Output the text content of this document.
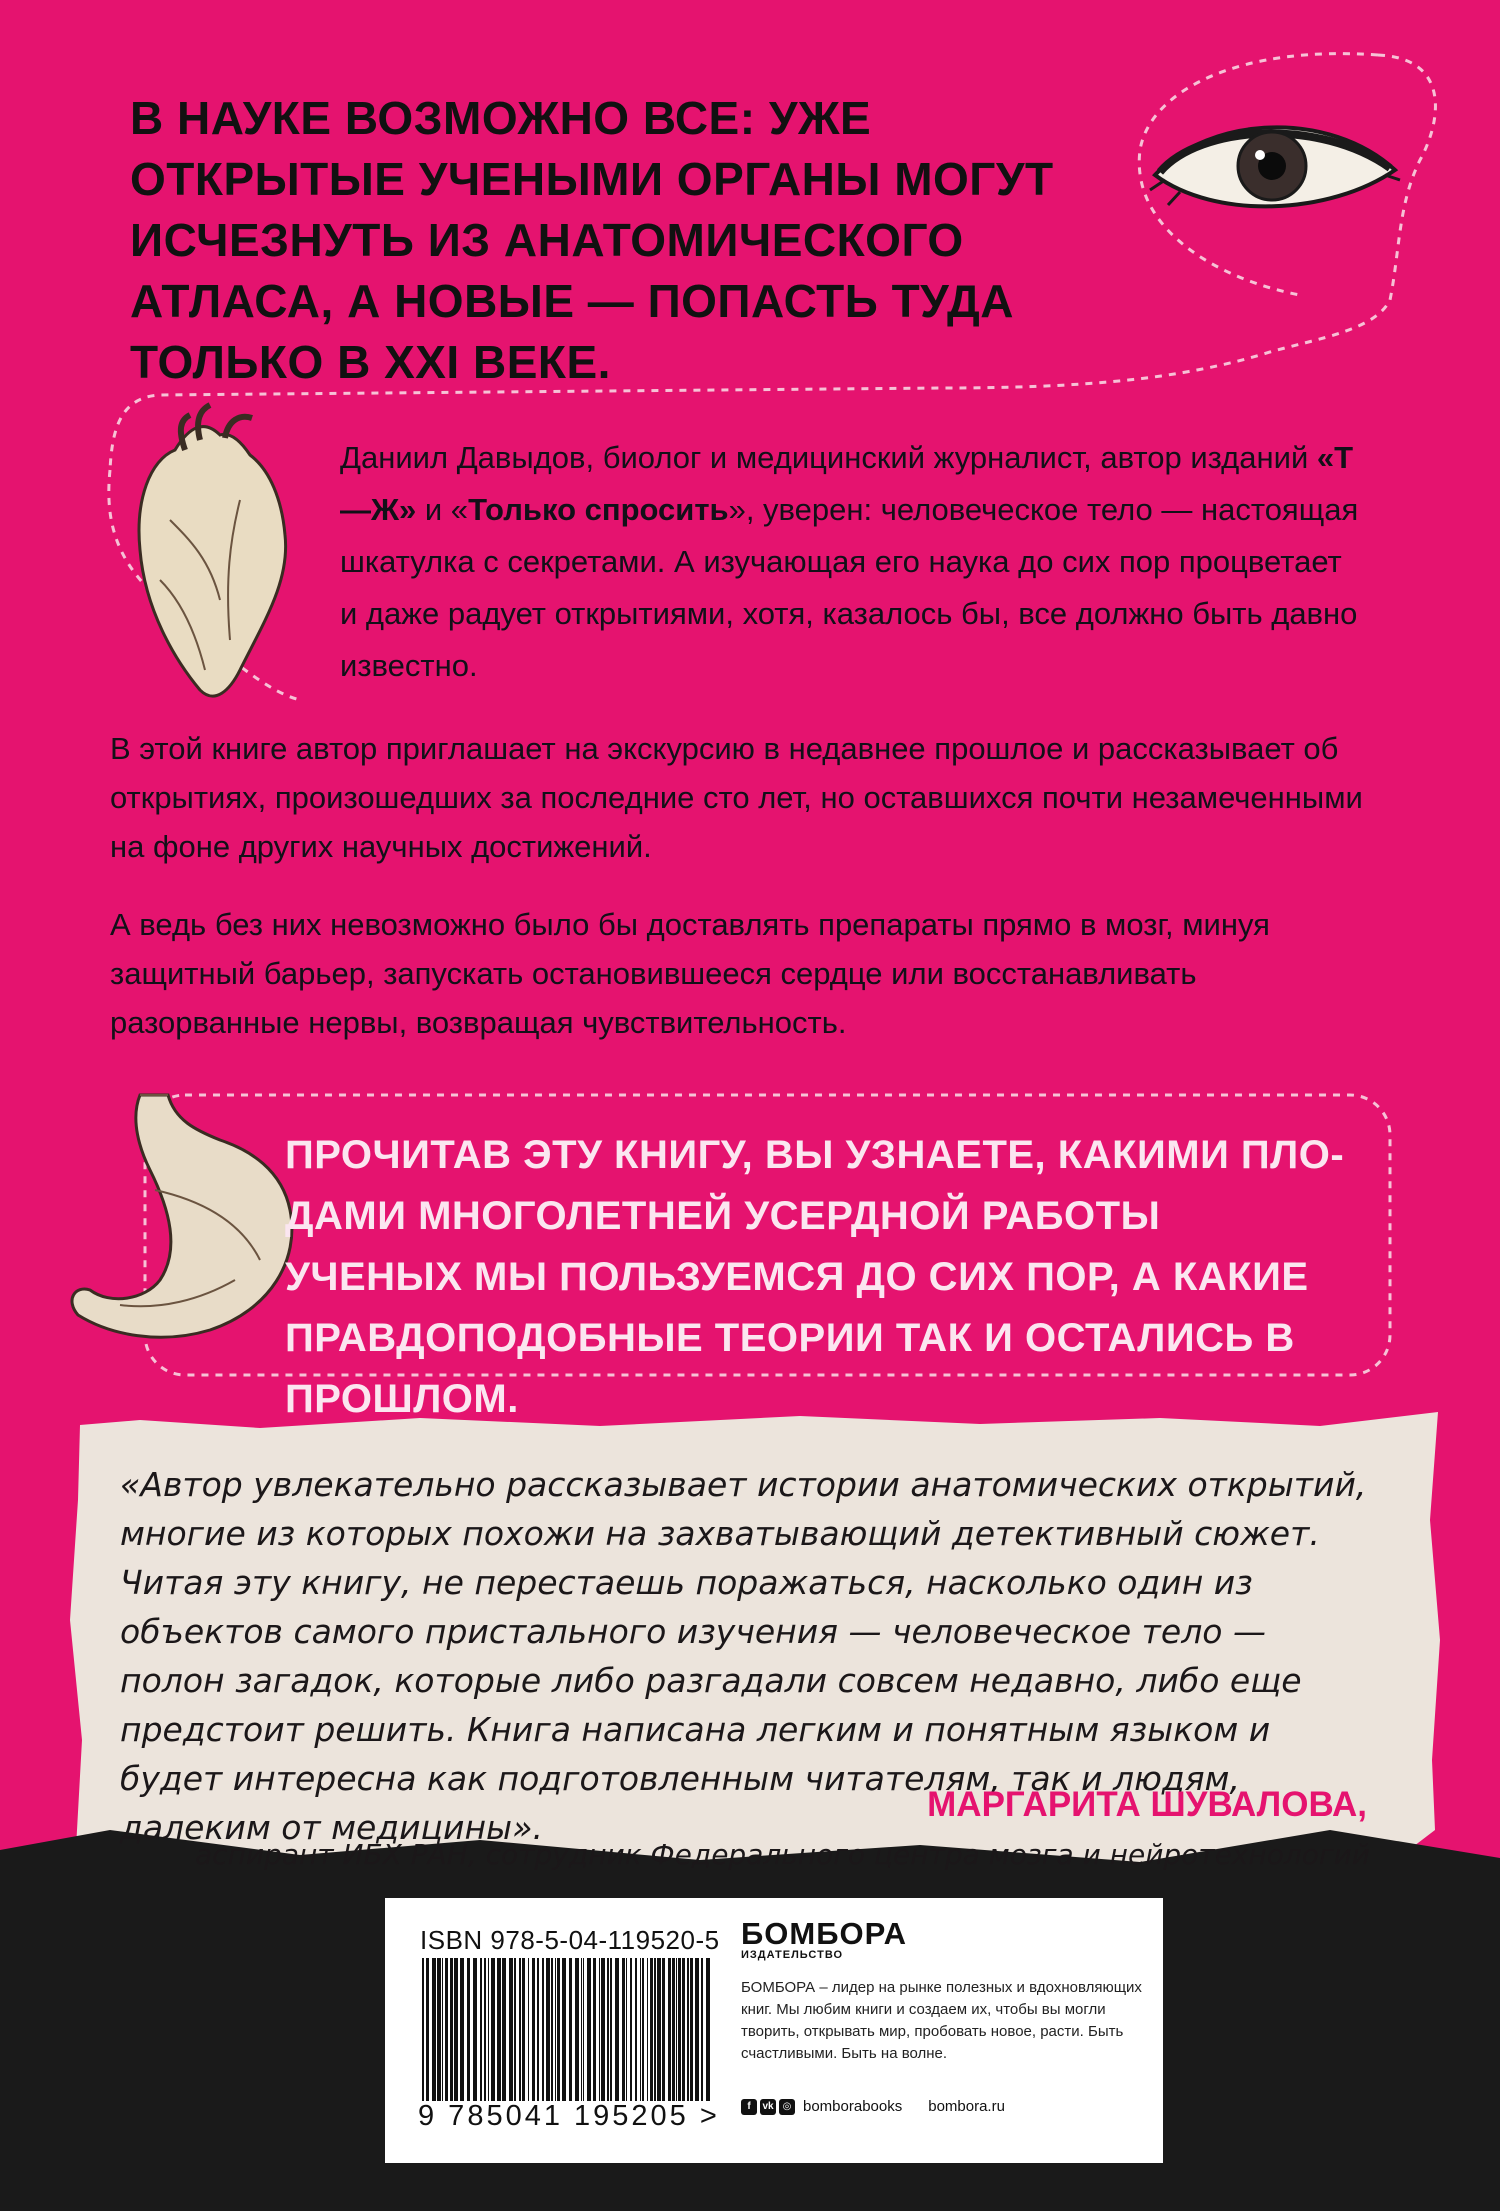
В НАУКЕ ВОЗМОЖНО ВСЕ: УЖЕ ОТКРЫТЫЕ УЧЕНЫМИ ОРГАНЫ МОГУТ ИСЧЕЗНУТЬ ИЗ АНАТОМИЧЕСКОГО АТЛАСА, А НОВЫЕ — ПОПАСТЬ ТУДА ТОЛЬКО В XXI ВЕКЕ.
Даниил Давыдов, биолог и медицинский журналист, автор изданий «Т—Ж» и «Только спросить», уверен: человеческое тело — настоящая шкатулка с секретами. А изучающая его наука до сих пор процветает и даже радует открытиями, хотя, казалось бы, все должно быть давно известно.
В этой книге автор приглашает на экскурсию в недавнее прошлое и рассказывает об открытиях, произошедших за последние сто лет, но оставшихся почти незамеченными на фоне других научных достижений.
А ведь без них невозможно было бы доставлять препараты прямо в мозг, минуя защитный барьер, запускать остановившееся сердце или восстанавливать разорванные нервы, возвращая чувствительность.
ПРОЧИТАВ ЭТУ КНИГУ, ВЫ УЗНАЕТЕ, КАКИМИ ПЛОДАМИ МНОГОЛЕТНЕЙ УСЕРДНОЙ РАБОТЫ УЧЕНЫХ МЫ ПОЛЬЗУЕМСЯ ДО СИХ ПОР, А КАКИЕ ПРАВДОПОДОБНЫЕ ТЕОРИИ ТАК И ОСТАЛИСЬ В ПРОШЛОМ.
«Автор увлекательно рассказывает истории анатомических открытий, многие из которых похожи на захватывающий детективный сюжет. Читая эту книгу, не перестаешь поражаться, насколько один из объектов самого пристального изучения — человеческое тело — полон загадок, которые либо разгадали совсем недавно, либо еще предстоит решить. Книга написана легким и понятным языком и будет интересна как подготовленным читателям, так и людям, далеким от медицины».
МАРГАРИТА ШУВАЛОВА,
аспирант ИБХ РАН, сотрудник Федерального центра мозга и нейротехнологий
ISBN 978-5-04-119520-5
9 785041 195205 >
БОМБОРА
ИЗДАТЕЛЬСТВО
БОМБОРА – лидер на рынке полезных и вдохновляющих книг. Мы любим книги и создаем их, чтобы вы могли творить, открывать мир, пробовать новое, расти. Быть счастливыми. Быть на волне.
f	vk ◎ bomborabooks bombora.ru
